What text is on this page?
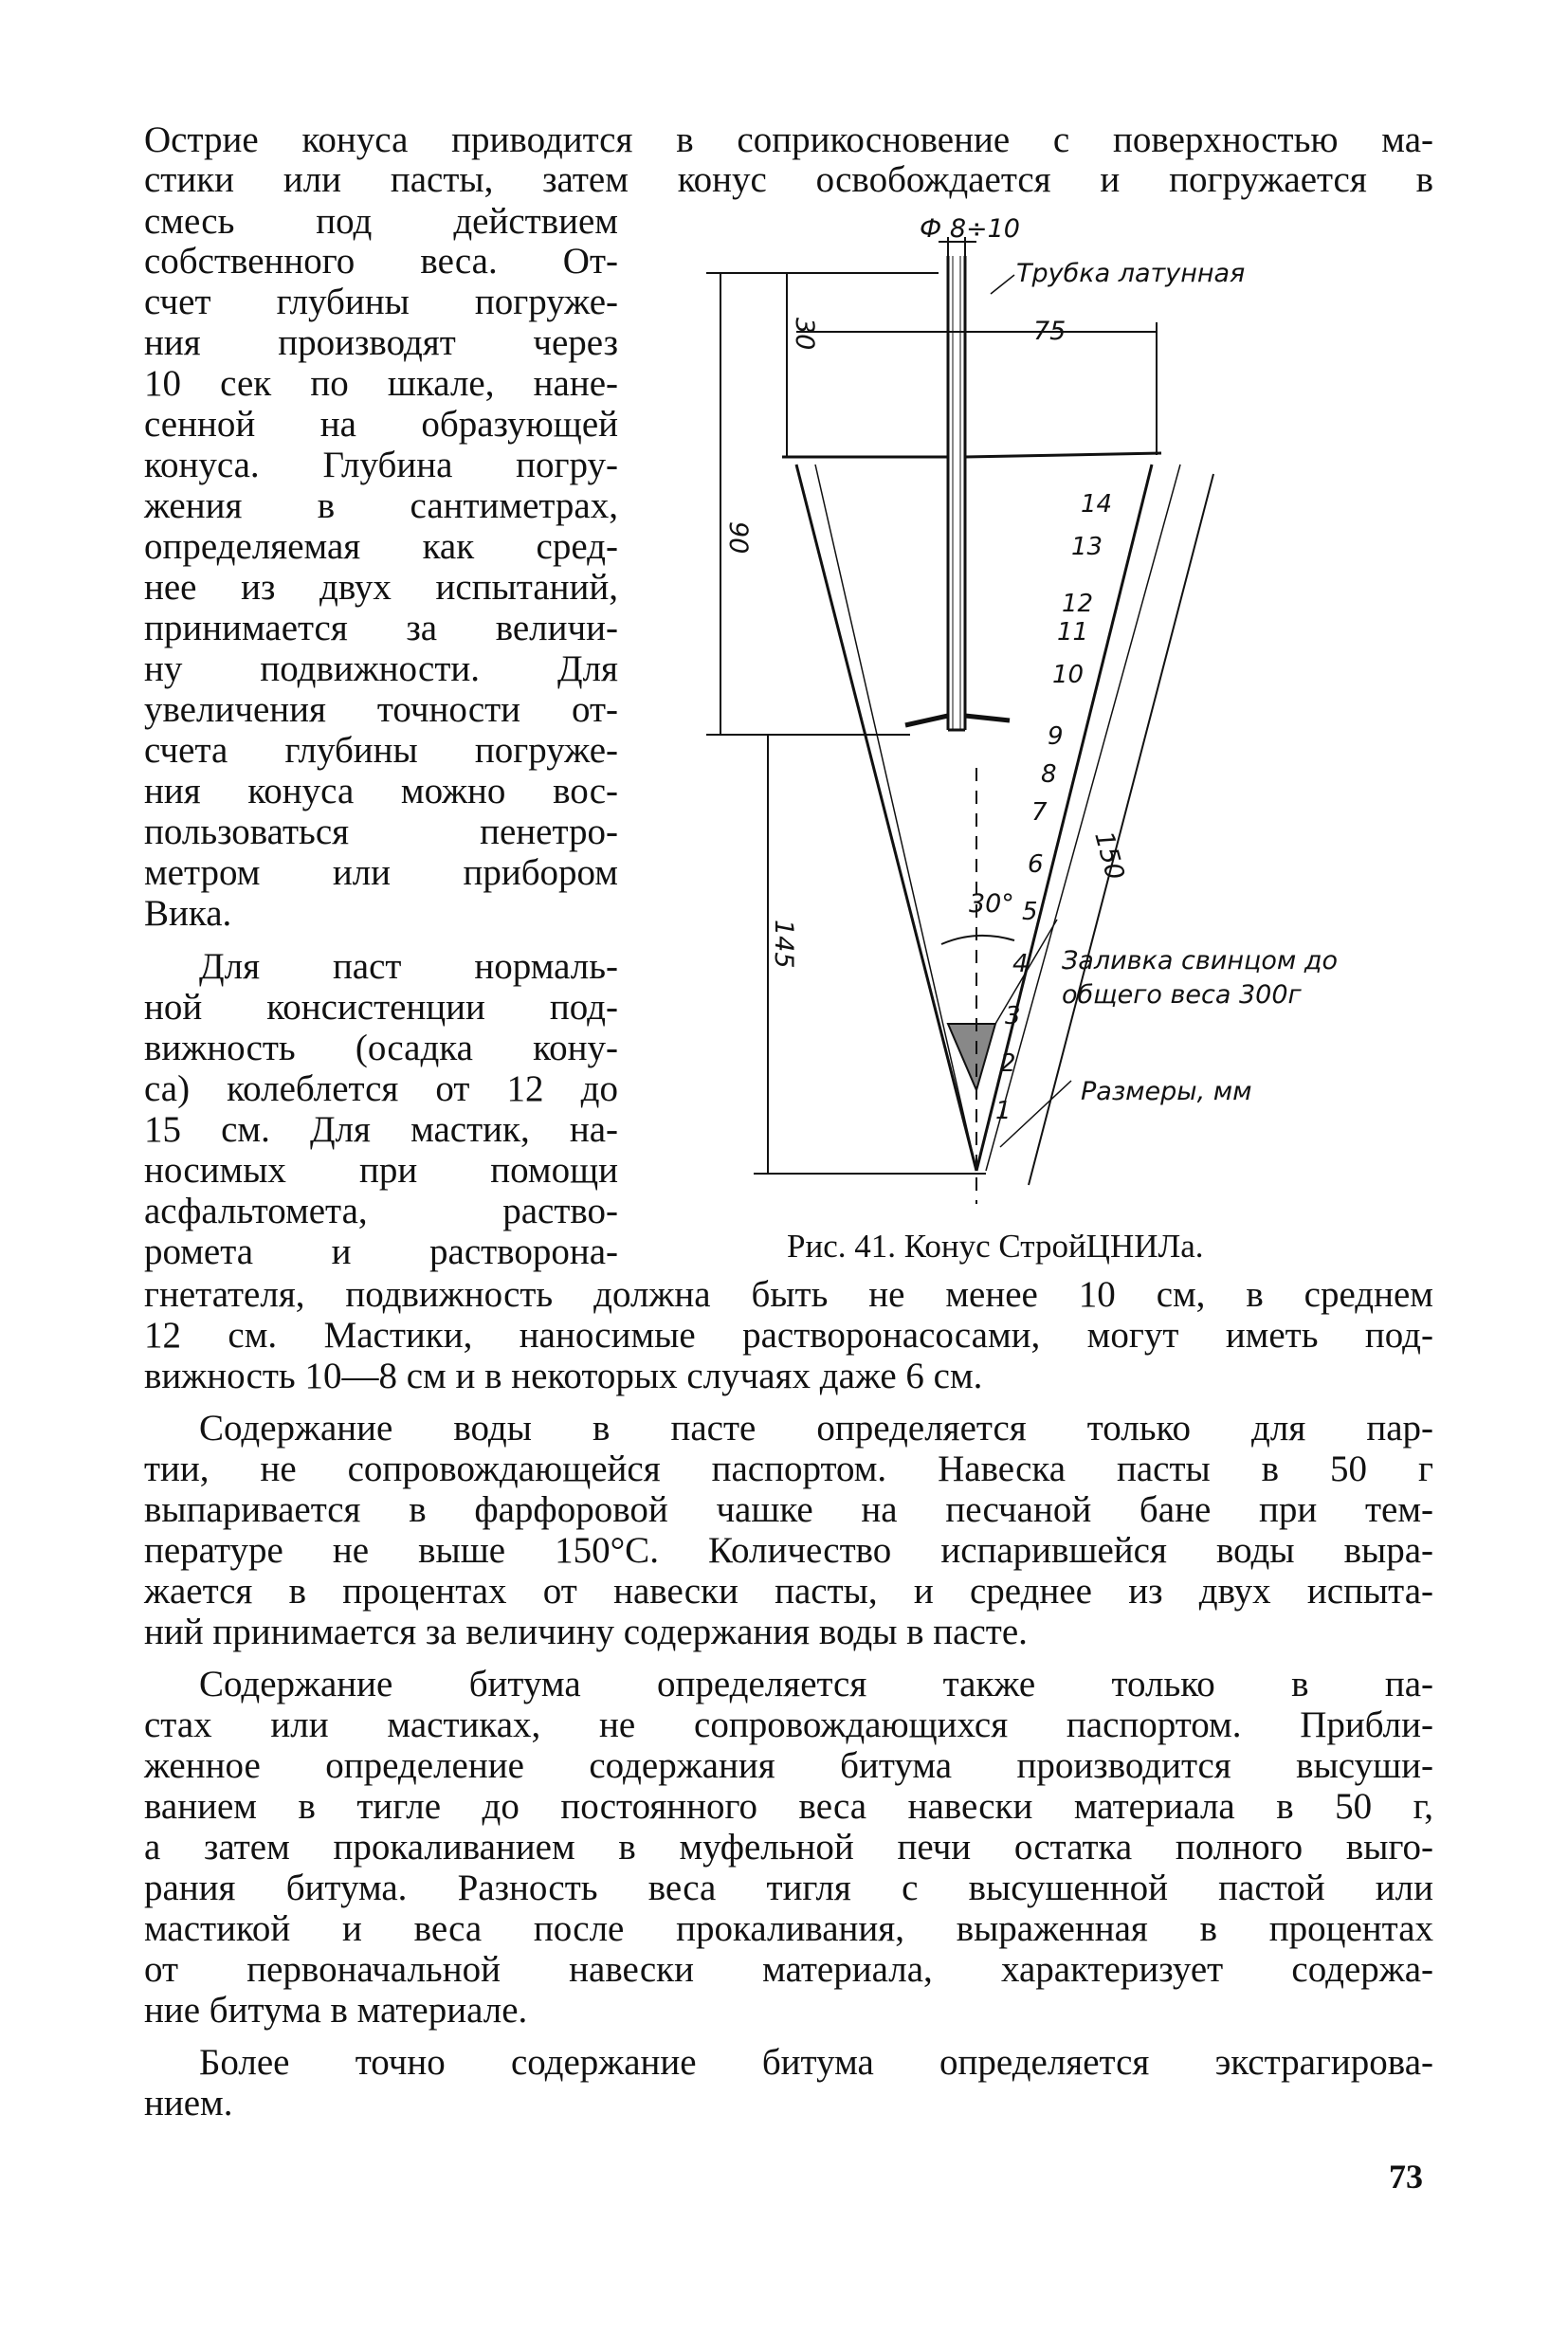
Острие конуса приводится в соприкосновение с поверхностью ма-
стики или пасты, затем конус освобождается и погружается в
смесь под действием
собственного веса. От-
счет глубины погруже-
ния производят через
10 сек по шкале, нане-
сенной на образующей
конуса. Глубина погру-
жения в сантиметрах,
определяемая как сред-
нее из двух испытаний,
принимается за величи-
ну подвижности. Для
увеличения точности от-
счета глубины погруже-
ния конуса можно вос-
пользоваться пенетро-
метром или прибором
Вика.
Для паст нормаль-
ной консистенции под-
вижность (осадка кону-
са) колеблется от 12 до
15 см. Для мастик, на-
носимых при помощи
асфальтомета, раство-
ромета и растворона-
гнетателя, подвижность должна быть не менее 10 см, в среднем
12 см. Мастики, наносимые растворонасосами, могут иметь под-
вижность 10—8 см и в некоторых случаях даже 6 см.
Содержание воды в пасте определяется только для пар-
тии, не сопровождающейся паспортом. Навеска пасты в 50 г
выпаривается в фарфоровой чашке на песчаной бане при тем-
пературе не выше 150°С. Количество испарившейся воды выра-
жается в процентах от навески пасты, и среднее из двух испыта-
ний принимается за величину содержания воды в пасте.
Содержание битума определяется также только в па-
стах или мастиках, не сопровождающихся паспортом. Прибли-
женное определение содержания битума производится высуши-
ванием в тигле до постоянного веса навески материала в 50 г,
а затем прокаливанием в муфельной печи остатка полного выго-
рания битума. Разность веса тигля с высушенной пастой или
мастикой и веса после прокаливания, выраженная в процентах
от первоначальной навески материала, характеризует содержа-
ние битума в материале.
Более точно содержание битума определяется экстрагирова-
нием.
Ф 8÷10
Трубка латунная
75
30
90
145
150
30°
Заливка свинцом до
общего веса 300г
Размеры, мм
1
2
3
4
5
6
7
8
9
10
11
12
13
14
Рис. 41. Конус СтройЦНИЛа.
73
